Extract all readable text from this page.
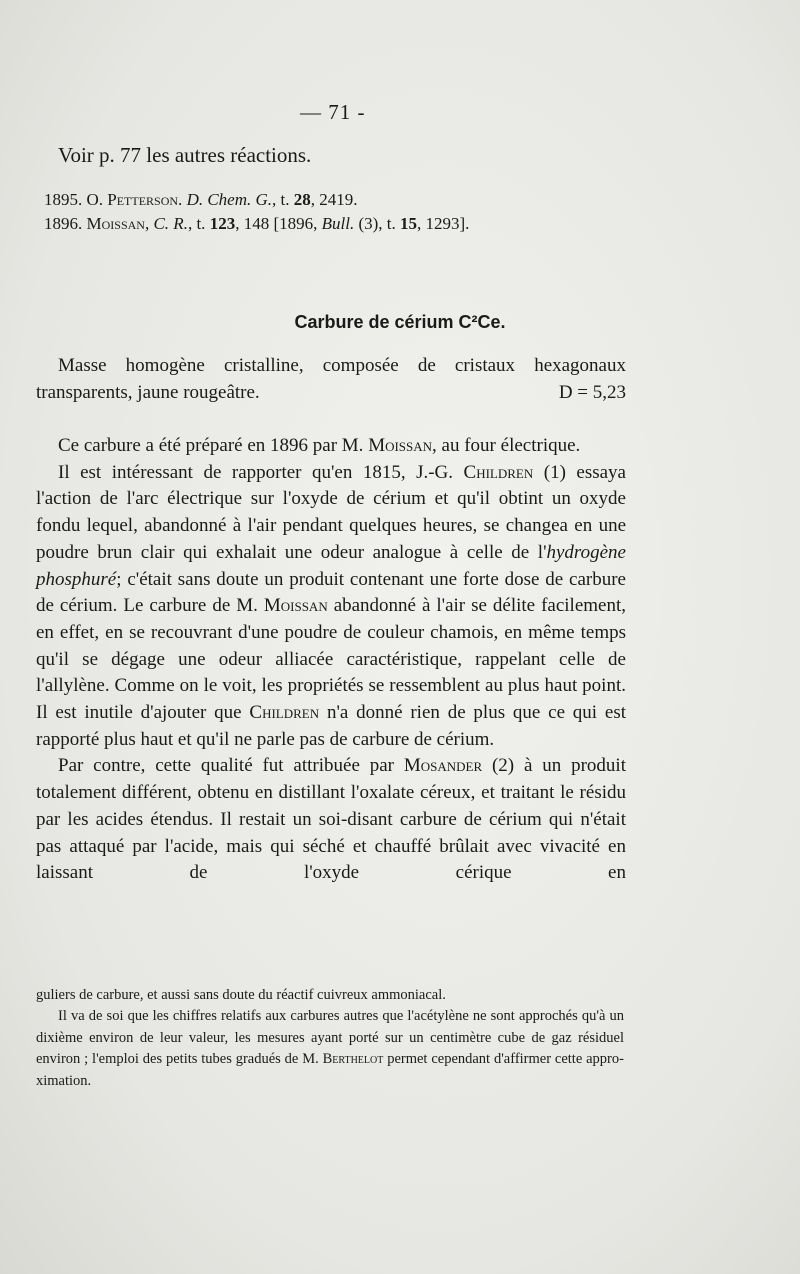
— 71 -
Voir p. 77 les autres réactions.
1895. O. Petterson. D. Chem. G., t. 28, 2419.
1896. Moissan, C. R., t. 123, 148 [1896, Bull. (3), t. 15, 1293].
Carbure de cérium C²Ce.

Masse homogène cristalline, composée de cristaux hexagonaux

transparents, jaune rougeâtre.	D = 5,23

Ce carbure a été préparé en 1896 par M. Moissan, au four électrique.

Il est intéressant de rapporter qu'en 1815, J.-G. Children (1) essaya l'action de l'arc électrique sur l'oxyde de cérium et qu'il obtint un oxyde fondu lequel, abandonné à l'air pendant quelques heures, se changea en une poudre brun clair qui exhalait une odeur analogue à celle de l'hydrogène phosphuré; c'était sans doute un produit contenant une forte dose de carbure de cérium. Le carbure de M. Moissan abandonné à l'air se délite facilement, en effet, en se recouvrant d'une poudre de couleur chamois, en même temps qu'il se dégage une odeur alliacée caractéristique, rappelant celle de l'allylène. Comme on le voit, les propriétés se ressemblent au plus haut point. Il est inutile d'ajouter que Children n'a donné rien de plus que ce qui est rapporté plus haut et qu'il ne parle pas de carbure de cérium.

Par contre, cette qualité fut attribuée par Mosander (2) à un produit totalement différent, obtenu en distillant l'oxalate céreux, et traitant le résidu par les acides étendus. Il restait un soi-disant carbure de cérium qui n'était pas attaqué par l'acide, mais qui séché et chauffé brûlait avec vivacité en laissant de l'oxyde cérique en

guliers de carbure, et aussi sans doute du réactif cuivreux ammoniacal.

Il va de soi que les chiffres relatifs aux carbures autres que l'acétylène ne sont approchés qu'à un dixième environ de leur valeur, les mesures ayant porté sur un centimètre cube de gaz résiduel environ ; l'emploi des petits tubes gradués de M. Berthelot permet cependant d'affirmer cette approximation.
